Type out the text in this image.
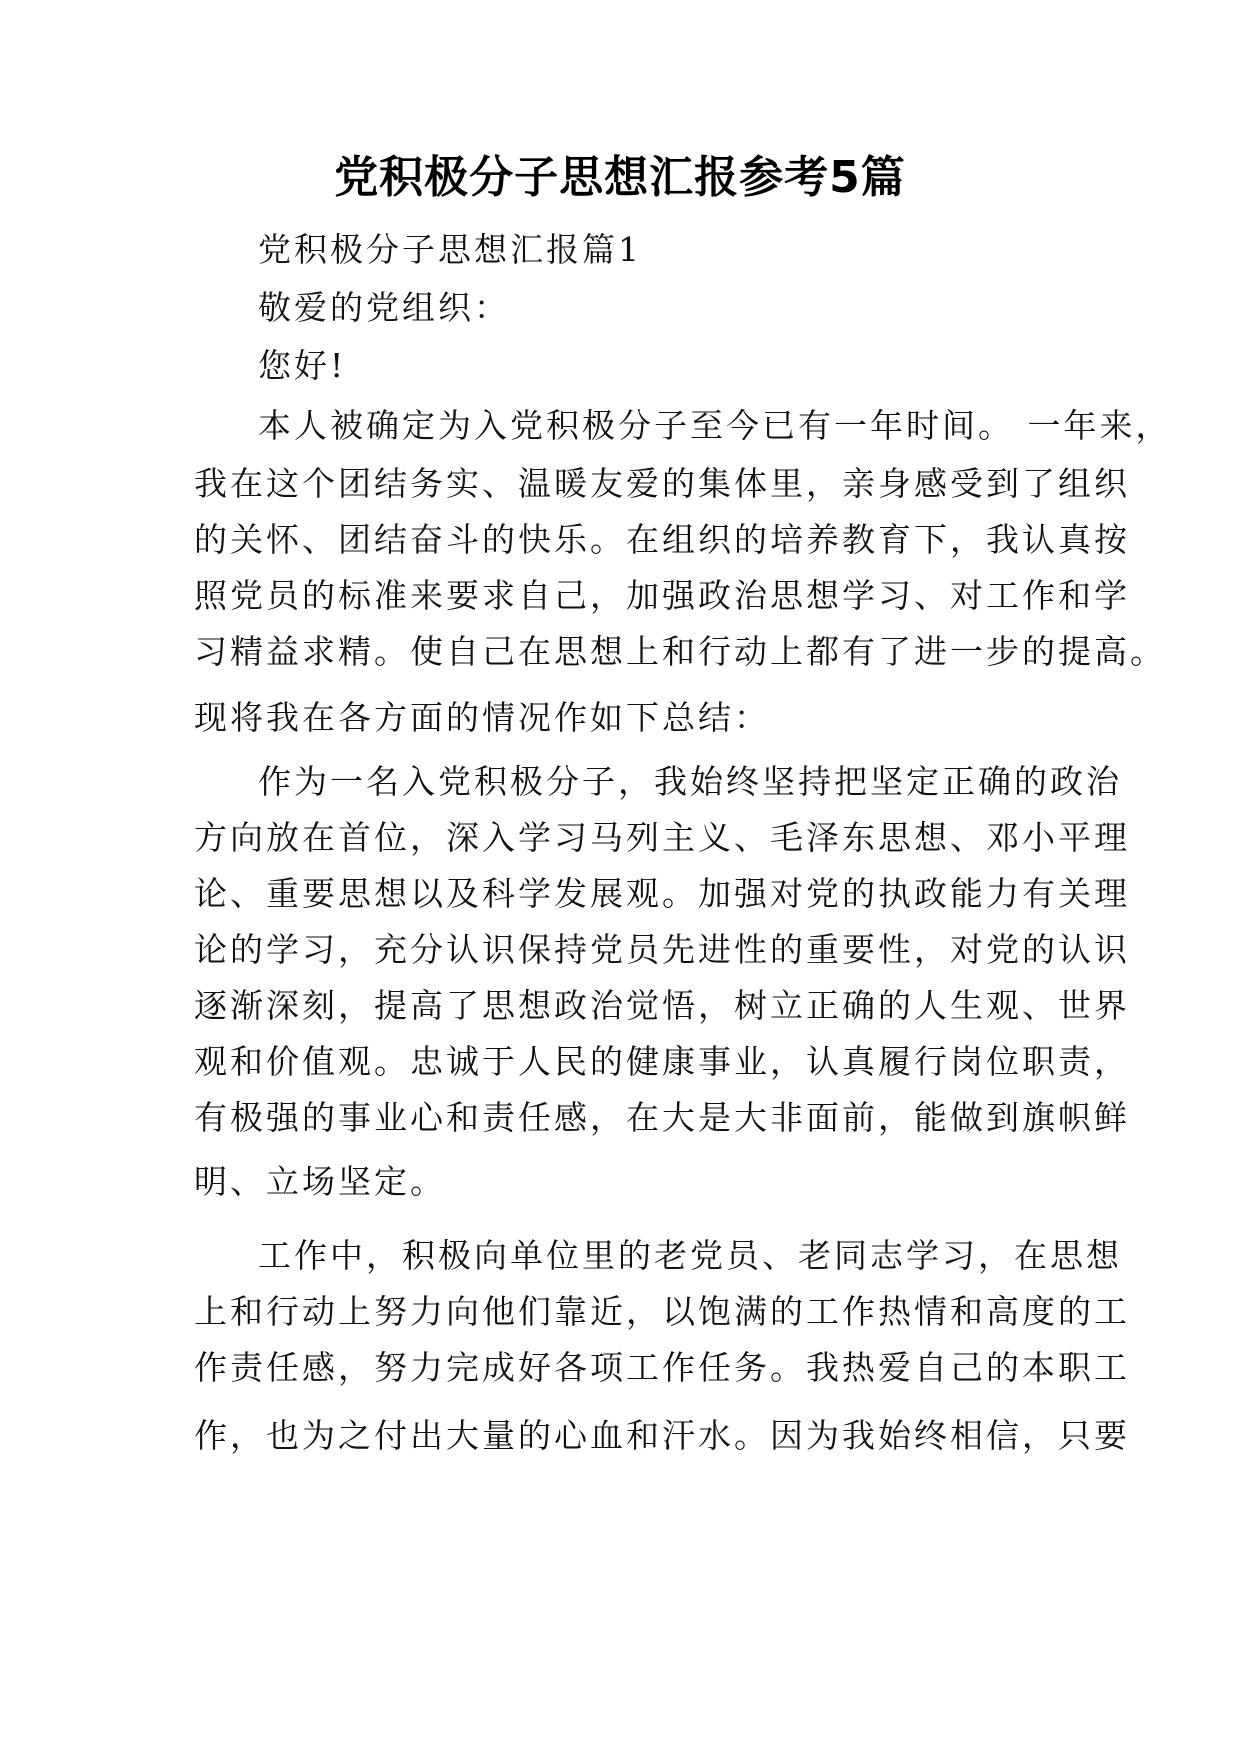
党积极分子思想汇报参考5篇
党积极分子思想汇报篇1
敬爱的党组织：
您好!
本人被确定为入党积极分子至今已有一年时间。 一年来，
我在这个团结务实、温暖友爱的集体里，亲身感受到了组织
的关怀、团结奋斗的快乐。在组织的培养教育下，我认真按
照党员的标准来要求自己，加强政治思想学习、对工作和学
习精益求精。使自己在思想上和行动上都有了进一步的提高。
现将我在各方面的情况作如下总结：
作为一名入党积极分子，我始终坚持把坚定正确的政治
方向放在首位，深入学习马列主义、毛泽东思想、邓小平理
论、重要思想以及科学发展观。加强对党的执政能力有关理
论的学习，充分认识保持党员先进性的重要性，对党的认识
逐渐深刻，提高了思想政治觉悟，树立正确的人生观、世界
观和价值观。忠诚于人民的健康事业，认真履行岗位职责，
有极强的事业心和责任感，在大是大非面前，能做到旗帜鲜
明、立场坚定。
工作中，积极向单位里的老党员、老同志学习，在思想
上和行动上努力向他们靠近，以饱满的工作热情和高度的工
作责任感，努力完成好各项工作任务。我热爱自己的本职工
作，也为之付出大量的心血和汗水。因为我始终相信，只要
